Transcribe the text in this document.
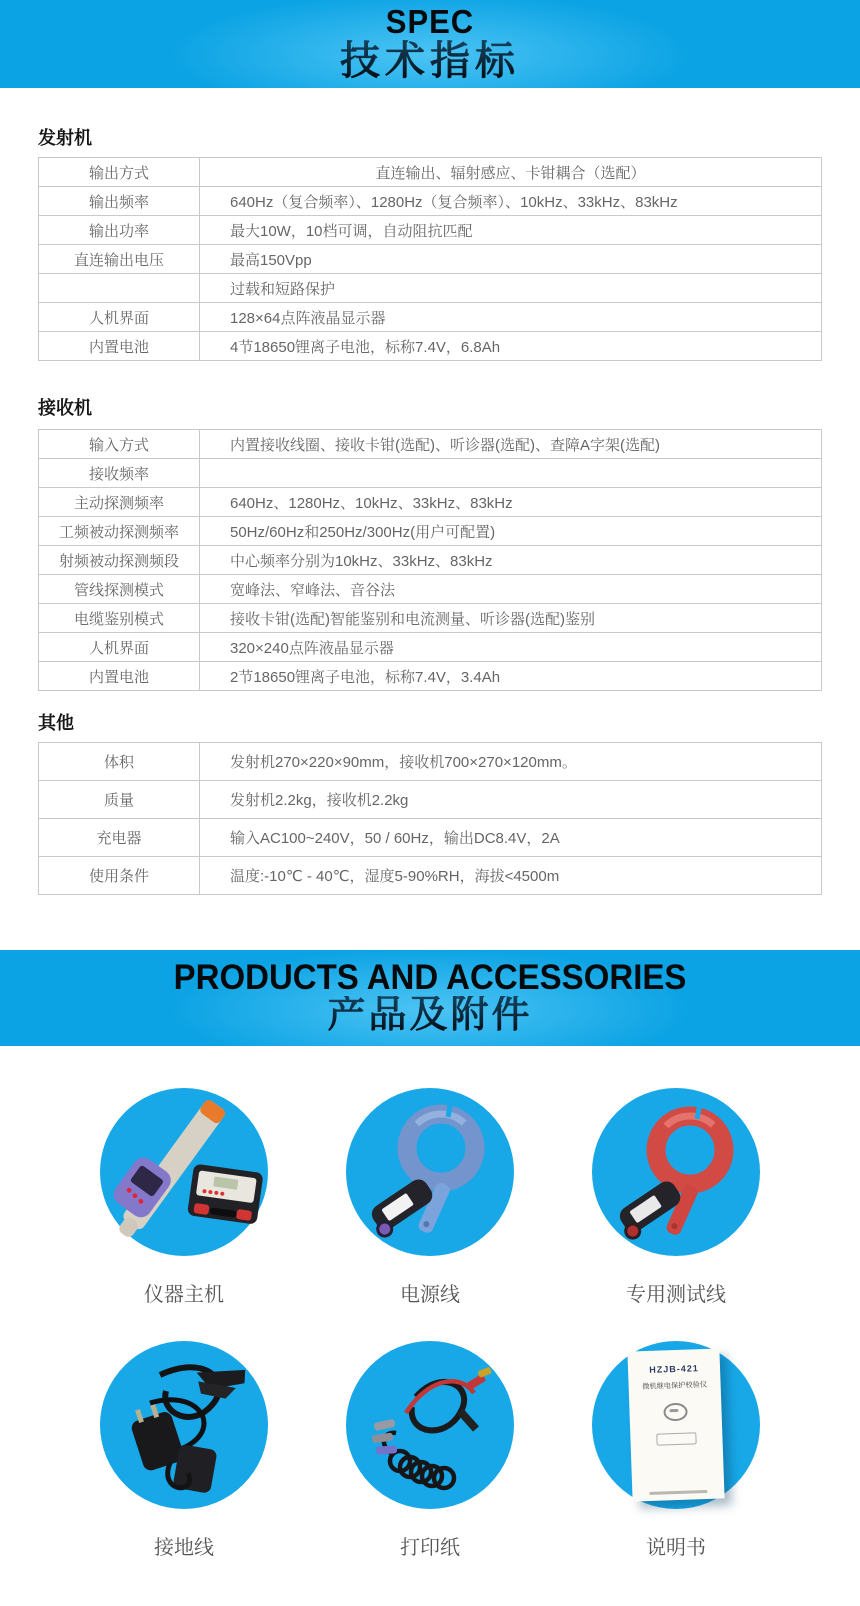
SPEC
技术指标
发射机
输出方式	直连输出、辐射感应、卡钳耦合（选配）
输出频率	640Hz（复合频率）、1280Hz（复合频率）、10kHz、33kHz、83kHz
输出功率	最大10W，10档可调，自动阻抗匹配
直连输出电压	最高150Vpp
	过载和短路保护
人机界面	128×64点阵液晶显示器
内置电池	4节18650锂离子电池，标称7.4V，6.8Ah
接收机
输入方式	内置接收线圈、接收卡钳(选配)、听诊器(选配)、查障A字架(选配)
接收频率	
主动探测频率	640Hz、1280Hz、10kHz、33kHz、83kHz
工频被动探测频率	50Hz/60Hz和250Hz/300Hz(用户可配置)
射频被动探测频段	中心频率分别为10kHz、33kHz、83kHz
管线探测模式	宽峰法、窄峰法、音谷法
电缆鉴别模式	接收卡钳(选配)智能鉴别和电流测量、听诊器(选配)鉴别
人机界面	320×240点阵液晶显示器
内置电池	2节18650锂离子电池，标称7.4V，3.4Ah
其他
体积	发射机270×220×90mm，接收机700×270×120mm。
质量	发射机2.2kg，接收机2.2kg
充电器	输入AC100~240V，50 / 60Hz，输出DC8.4V，2A
使用条件	温度:-10℃ - 40℃，湿度5-90%RH，海拔<4500m
PRODUCTS AND ACCESSORIES
产品及附件
仪器主机	电源线	专用测试线
接地线	打印纸
HZJB-421
微机继电保护校验仪
说明书
